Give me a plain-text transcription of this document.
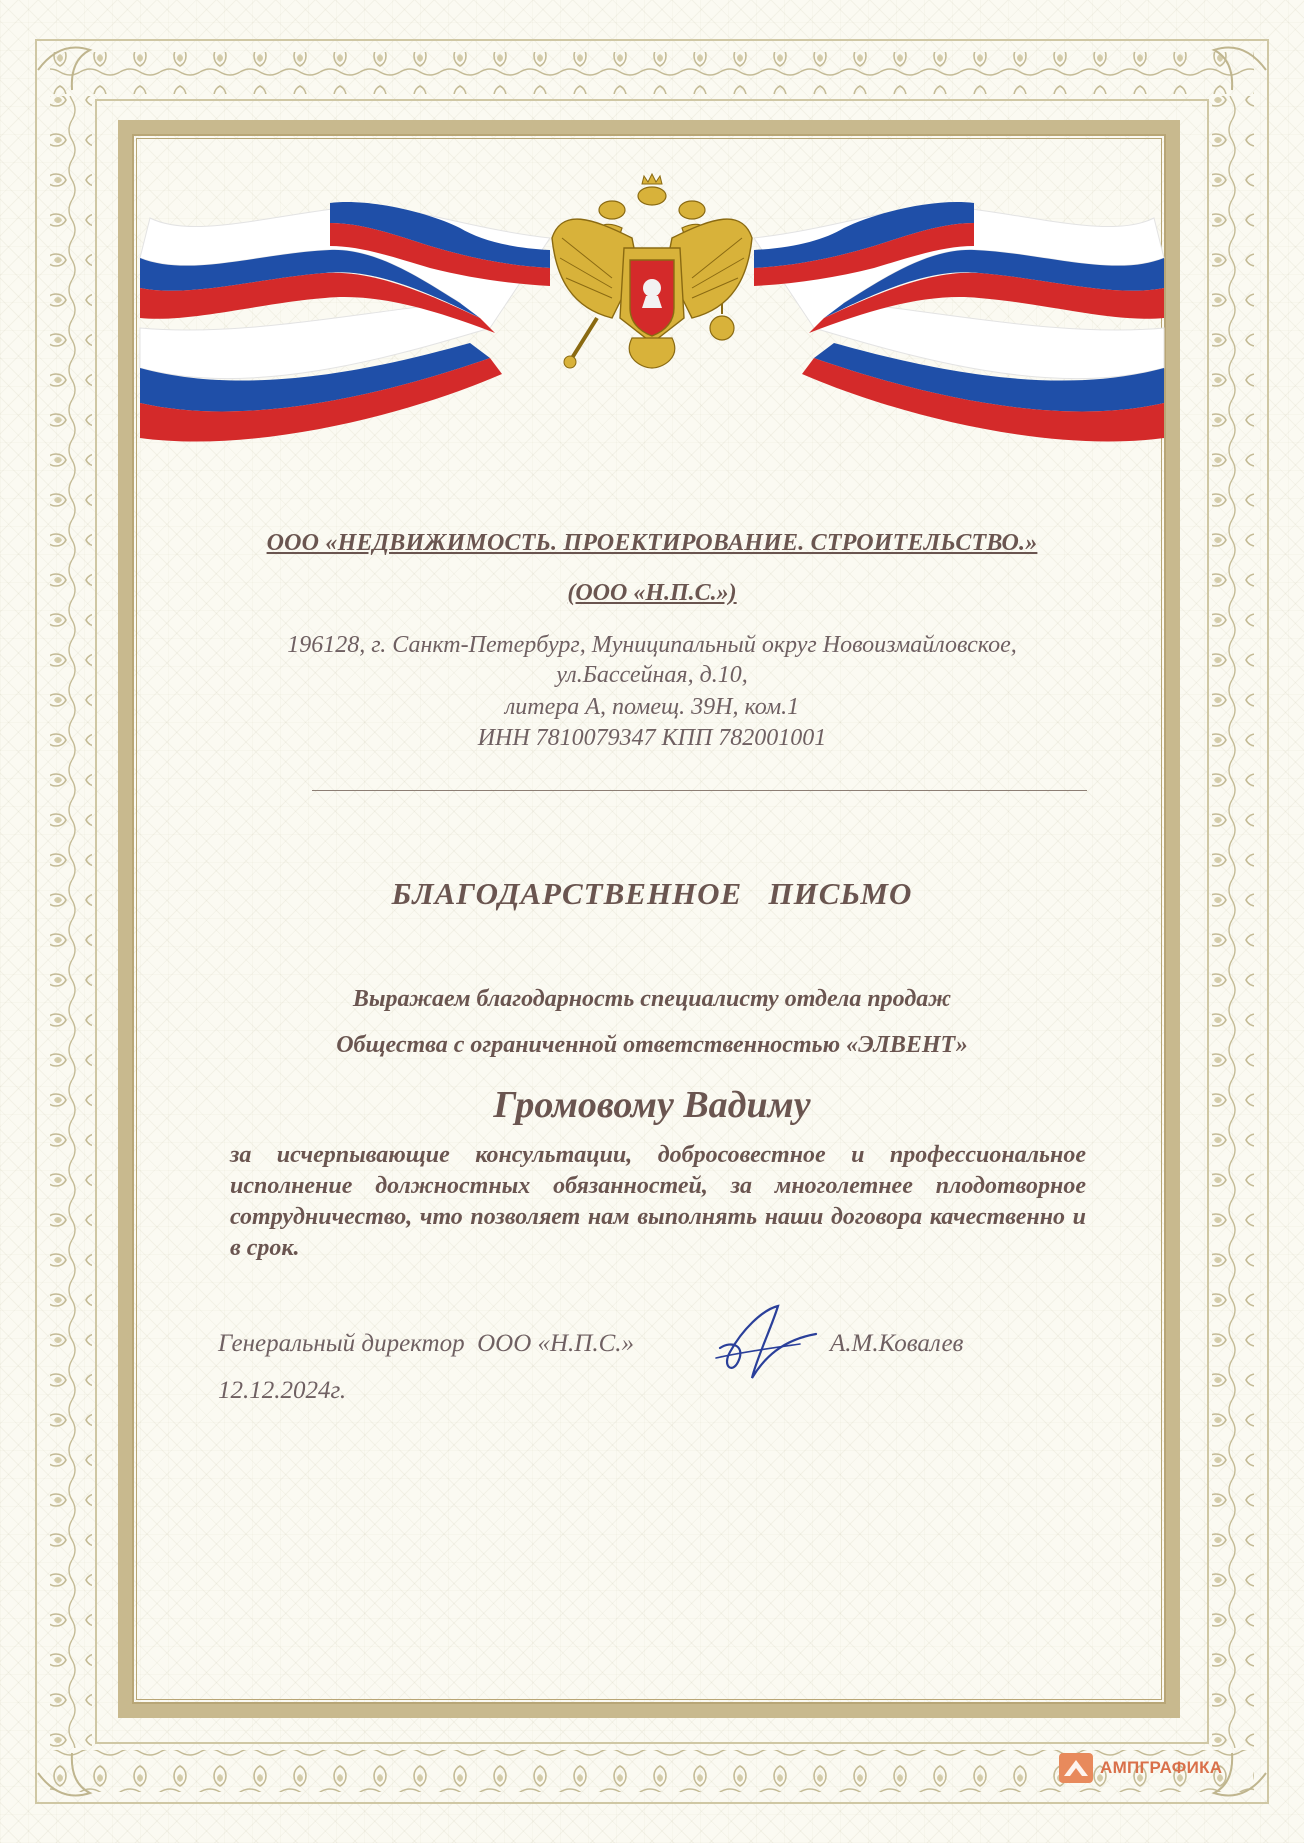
ООО «НЕДВИЖИМОСТЬ. ПРОЕКТИРОВАНИЕ. СТРОИТЕЛЬСТВО.»
(ООО «Н.П.С.»)
196128, г. Санкт-Петербург, Муниципальный округ Новоизмайловское,
ул.Бассейная, д.10,
литера А, помещ. 39Н, ком.1
ИНН 7810079347 КПП 782001001
БЛАГОДАРСТВЕННОЕ   ПИСЬМО
Выражаем благодарность специалисту отдела продаж
Общества с ограниченной ответственностью «ЭЛВЕНТ»
Громовому Вадиму
за исчерпывающие консультации, добросовестное и профессиональное исполнение должностных обязанностей, за многолетнее плодотворное сотрудничество, что позволяет нам выполнять наши договора качественно и в срок.
Генеральный директор  ООО «Н.П.С.»	А.М.Ковалев
12.12.2024г.
АМПГРАФИКА
